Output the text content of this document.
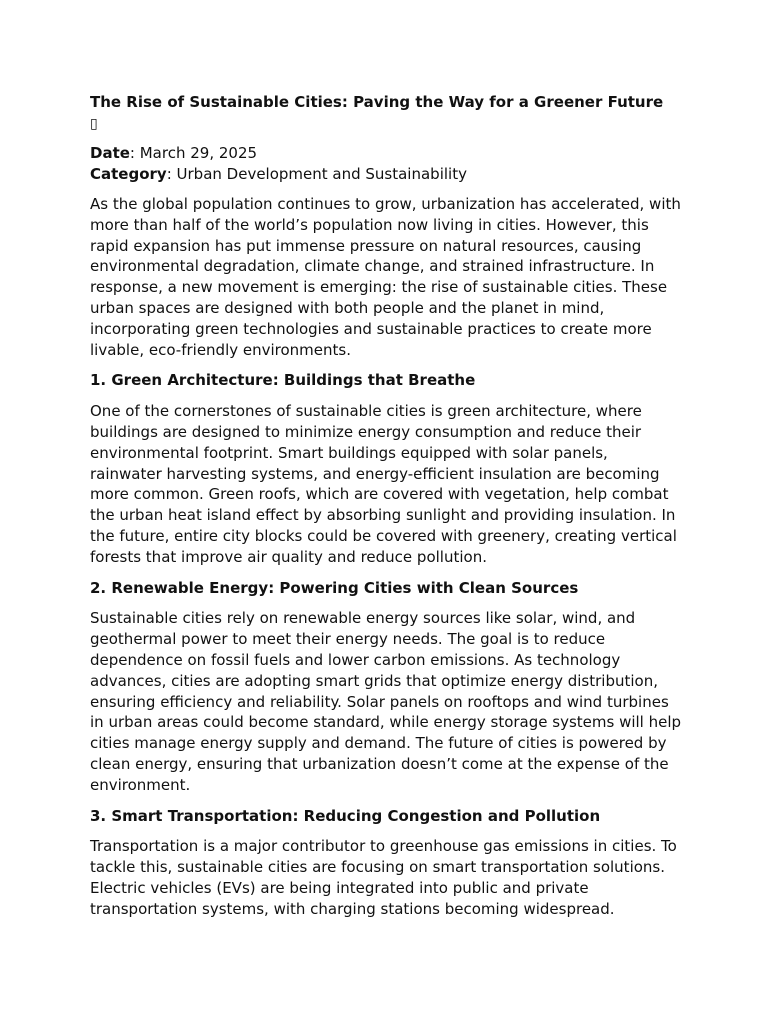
The Rise of Sustainable Cities: Paving the Way for a Greener Future
▯
Date: March 29, 2025
Category: Urban Development and Sustainability

As the global population continues to grow, urbanization has accelerated, with more than half of the world’s population now living in cities. However, this rapid expansion has put immense pressure on natural resources, causing environmental degradation, climate change, and strained infrastructure. In response, a new movement is emerging: the rise of sustainable cities. These urban spaces are designed with both people and the planet in mind, incorporating green technologies and sustainable practices to create more livable, eco-friendly environments.

1. Green Architecture: Buildings that Breathe

One of the cornerstones of sustainable cities is green architecture, where buildings are designed to minimize energy consumption and reduce their environmental footprint. Smart buildings equipped with solar panels, rainwater harvesting systems, and energy-efficient insulation are becoming more common. Green roofs, which are covered with vegetation, help combat the urban heat island effect by absorbing sunlight and providing insulation. In the future, entire city blocks could be covered with greenery, creating vertical forests that improve air quality and reduce pollution.

2. Renewable Energy: Powering Cities with Clean Sources

Sustainable cities rely on renewable energy sources like solar, wind, and geothermal power to meet their energy needs. The goal is to reduce dependence on fossil fuels and lower carbon emissions. As technology advances, cities are adopting smart grids that optimize energy distribution, ensuring efficiency and reliability. Solar panels on rooftops and wind turbines in urban areas could become standard, while energy storage systems will help cities manage energy supply and demand. The future of cities is powered by clean energy, ensuring that urbanization doesn’t come at the expense of the environment.

3. Smart Transportation: Reducing Congestion and Pollution

Transportation is a major contributor to greenhouse gas emissions in cities. To tackle this, sustainable cities are focusing on smart transportation solutions. Electric vehicles (EVs) are being integrated into public and private transportation systems, with charging stations becoming widespread.
